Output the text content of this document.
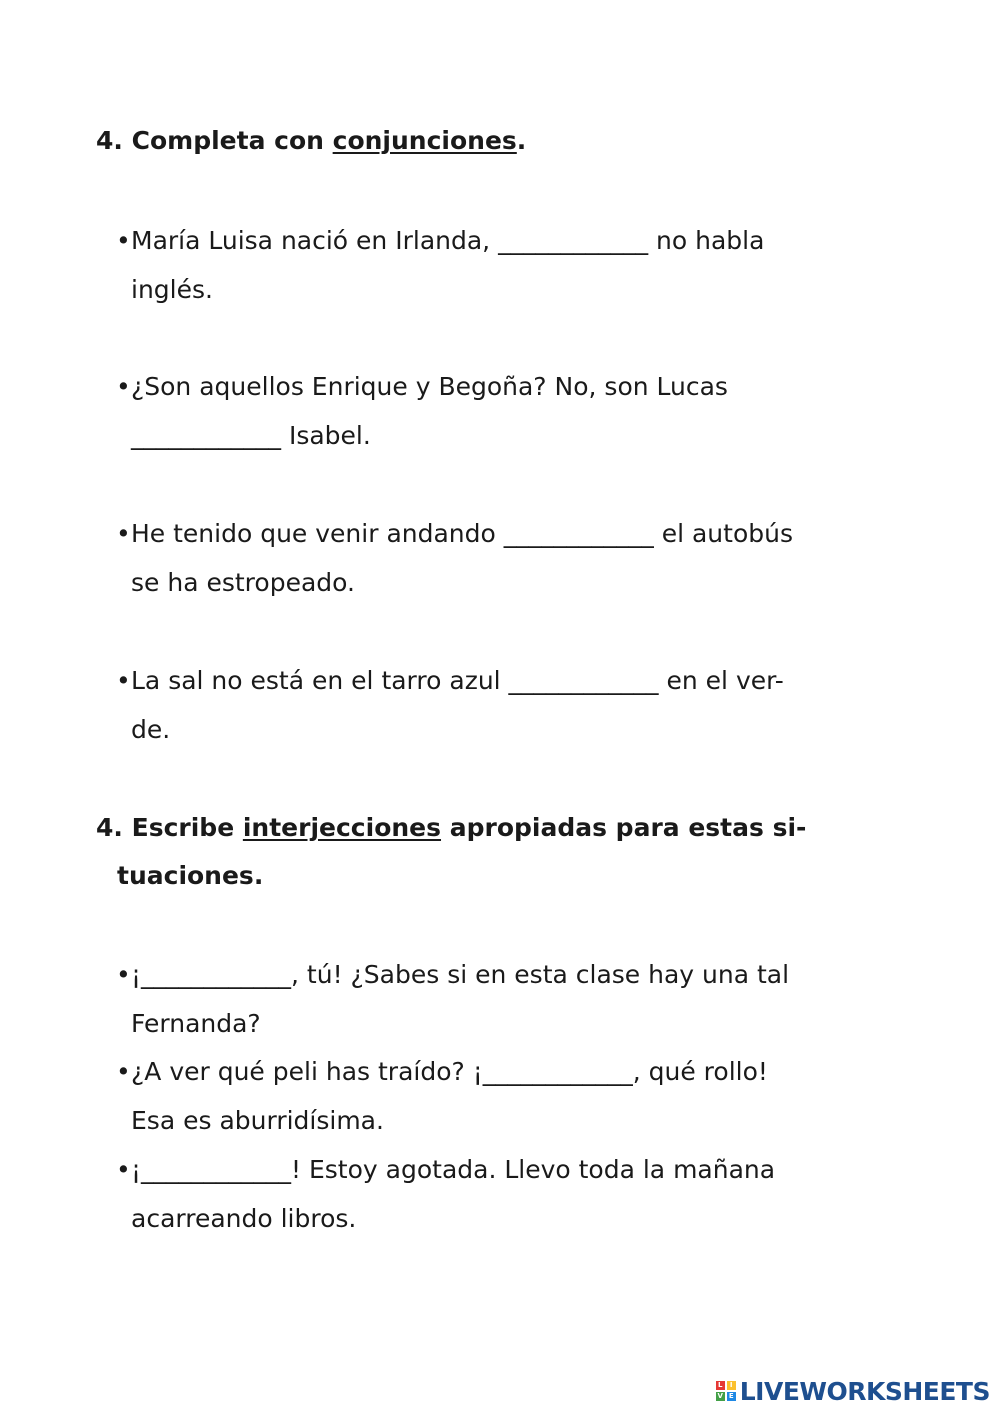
4. Completa con conjunciones.
• María Luisa nació en Irlanda, ____________ no habla
inglés.
• ¿Son aquellos Enrique y Begoña? No, son Lucas
____________ Isabel.
• He tenido que venir andando ____________ el autobús
se ha estropeado.
• La sal no está en el tarro azul ____________ en el ver-
de.
4. Escribe interjecciones apropiadas para estas si-
tuaciones.
• ¡____________, tú! ¿Sabes si en esta clase hay una tal
Fernanda?
• ¿A ver qué peli has traído? ¡____________, qué rollo!
Esa es aburridísima.
• ¡____________! Estoy agotada. Llevo toda la mañana
acarreando libros.
L	I
V E LIVEWORKSHEETS
